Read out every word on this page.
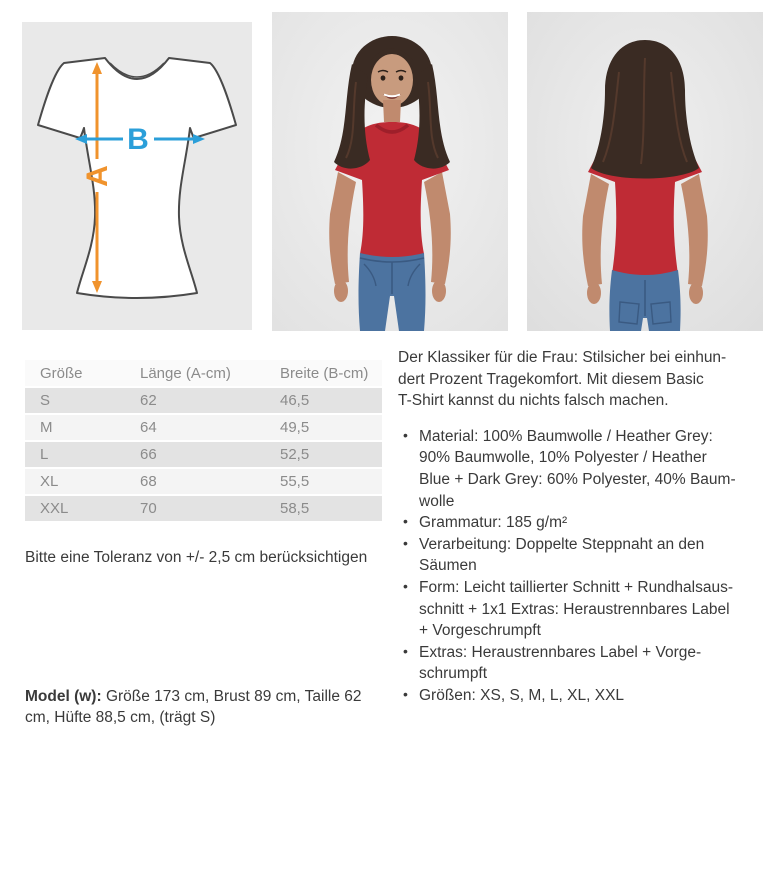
A
B
Größe	Länge (A-cm)	Breite (B-cm)
S	62	46,5
M	64	49,5
L	66	52,5
XL	68	55,5
XXL	70	58,5

Bitte eine Toleranz von +/- 2,5 cm berücksichtigen

Model (w): Größe 173 cm, Brust 89 cm, Taille 62
cm, Hüfte 88,5 cm, (trägt S)

Der Klassiker für die Frau: Stilsicher bei einhun-
dert Prozent Tragekomfort. Mit diesem Basic
T-Shirt kannst du nichts falsch machen.

• Material: 100% Baumwolle / Heather Grey:
90% Baumwolle, 10% Polyester / Heather
Blue + Dark Grey: 60% Polyester, 40% Baum-
wolle
• Grammatur: 185 g/m²
• Verarbeitung: Doppelte Steppnaht an den
Säumen
• Form: Leicht taillierter Schnitt + Rundhalsaus-
schnitt + 1x1 Extras: Heraustrennbares Label
+ Vorgeschrumpft
• Extras: Heraustrennbares Label + Vorge-
schrumpft
• Größen: XS, S, M, L, XL, XXL
